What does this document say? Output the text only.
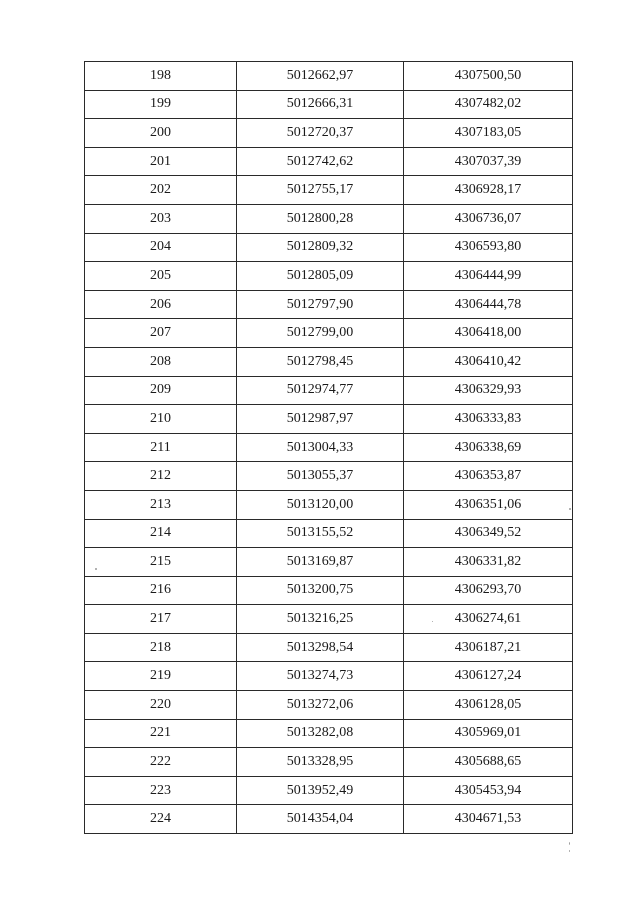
198	5012662,97	4307500,50
199	5012666,31	4307482,02
200	5012720,37	4307183,05
201	5012742,62	4307037,39
202	5012755,17	4306928,17
203	5012800,28	4306736,07
204	5012809,32	4306593,80
205	5012805,09	4306444,99
206	5012797,90	4306444,78
207	5012799,00	4306418,00
208	5012798,45	4306410,42
209	5012974,77	4306329,93
210	5012987,97	4306333,83
211	5013004,33	4306338,69
212	5013055,37	4306353,87
213	5013120,00	4306351,06
214	5013155,52	4306349,52
215	5013169,87	4306331,82
216	5013200,75	4306293,70
217	5013216,25	4306274,61
218	5013298,54	4306187,21
219	5013274,73	4306127,24
220	5013272,06	4306128,05
221	5013282,08	4305969,01
222	5013328,95	4305688,65
223	5013952,49	4305453,94
224	5014354,04	4304671,53
